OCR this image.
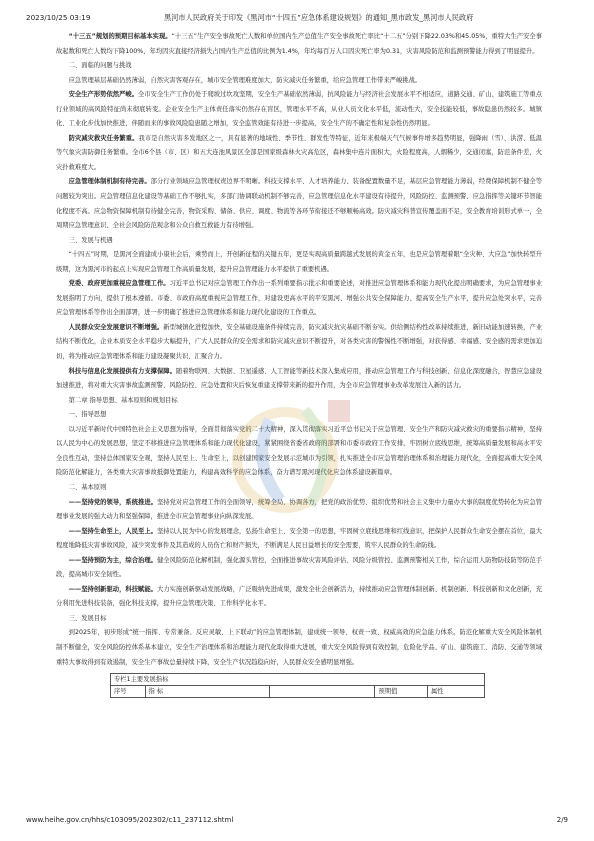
2023/10/25 03:19	黑河市人民政府关于印发《黑河市“十四五”应急体系建设规划》的通知_黑市政发_黑河市人民政府

“十三五”规划的预期目标基本实现。“十三五”生产安全事故死亡人数和单位国内生产总值生产安全事故死亡率比“十二五”分别下降22.03%和45.05%，重特大生产安全事故起数和死亡人数均下降100%，年均因灾直接经济损失占国内生产总值的比例为1.4%，年均每百万人口因灾死亡率为0.31，灾害风险防范和监测预警能力得到了明显提升。

二、面临的问题与挑战

应急管理基层基础仍然薄弱，自然灾害客观存在，城市安全管理难度加大，防灾减灾任务繁重，给应急管理工作带来严峻挑战。

安全生产形势依然严峻。全市安全生产工作仍处于爬坡过坎攻坚期，安全生产基础依然薄弱，抗风险能力与经济社会发展水平不相适应，道路交通、矿山、建筑施工等重点行业领域的高风险特征尚未彻底转变。企业安全生产主体责任落实仍然存在盲区，管理水平不高，从业人员文化水平低，流动性大，安全技能较低，事故隐患仍然较多。城镇化、工业化步伐加快推进，伴随而来的事故风险隐患随之增加，安全监管效能有待进一步提高，安全生产的不确定性和复杂性仍然明显。

防灾减灾救灾任务繁重。我市是自然灾害多发地区之一，具有显著的地域性、季节性、群发性等特征，近年来极端天气气候事件增多趋势明显，强降雨（雪）、洪涝、低温等气象灾害防御任务繁重。全市6个县（市、区）和五大连池风景区全部是国家级森林火灾高危区，森林集中连片面积大，火险程度高，人烟稀少，交通闭塞，防范条件差，火灾扑救难度大。

应急管理体制机制有待完善。部分行业领域应急管理权责边界不明晰。科技支撑水平、人才培养能力、装备配置数量不足，基层应急管理能力薄弱，经费保障机制不健全等问题较为突出。应急管理信息化建设等基础工作不够扎实，多部门协调联动机制不够完善，应急管理信息化水平建设有待提升，风险防控、监测预警、应急指挥等关键环节智能化程度不高。应急物资保障机制有待健全完善，物资采购、储备、供应、调度、物流等各环节衔接还不够顺畅高效。防灾减灾科普宣传覆盖面不足，安全教育培训形式单一，全周期应急管理意识、全社会风险防范观念和公众自救互救能力有待增强。

三、发展与机遇

“十四五”时期，是黑河全面建成小康社会后，乘势而上，开创新征程的关键五年，更是实现高质量跨越式发展的黄金五年，也是应急管理着眼“全灾种、大应急”加快转型升级期，这为黑河市的起点上实现应急管理工作高质量发展，提升应急管理能力水平提供了重要机遇。

党委、政府更加重视应急管理工作。习近平总书记对应急管理工作作出一系列重要指示批示和重要论述，对推进应急管理体系和能力现代化提出明确要求，为应急管理事业发展指明了方向，提供了根本遵循。市委、市政府高度重视应急管理工作，对建设更高水平的平安黑河、增强公共安全保障能力、提高安全生产水平，提升应急处突水平，完善应急管理体系等作出全面部署，进一步明确了推进应急管理体系和能力现代化建设的工作重点。

人民群众安全发展意识不断增强。新型城镇化进程加快，安全基础设施条件持续完善，防灾减灾抗灾基础不断夯实。供给侧结构性改革持续推进，新旧动能加速转换，产业结构不断优化，企业本质安全水平稳步大幅提升，广大人民群众的安全需求和防灾减灾意识不断提升，对各类灾害的警惕性不断增强，对获得感、幸福感、安全感的需求更加迫切，将为推动应急管理体系和能力建设凝聚共识、汇聚合力。

科技与信息化发展提供有力支撑保障。随着物联网、大数据、卫星遥感、人工智能等新技术深入集成应用，推动应急管理工作与科技创新、信息化深度融合，智慧应急建设加速推进，将对重大灾害事故监测预警、风险防控、应急处置和灾后恢复重建支撑带来新的提升作用，为全市应急管理事业改革发展注入新的活力。

第二章 指导思想、基本原则和规划目标

一、指导思想

以习近平新时代中国特色社会主义思想为指导，全面贯彻落实党的二十大精神，深入贯彻落实习近平总书记关于应急管理、安全生产和防灾减灾救灾的重要指示精神，坚持以人民为中心的发展思想，坚定不移推进应急管理体系和能力现代化建设，紧紧围绕省委省政府的部署和市委市政府工作安排，牢固树立底线思维，统筹高质量发展和高水平安全良性互动，坚持总体国家安全观，坚持人民至上、生命至上，以创建国家安全发展示范城市为引领，扎实推进全市应急管理治理体系和治理能力现代化，全面提高重大安全风险防范化解能力，各类重大灾害事故抵御处置能力，构建高效科学的应急体系，奋力谱写黑河现代化应急体系建设新篇章。

二、基本原则

——坚持党的领导，系统推进。坚持党对应急管理工作的全面领导，统筹全局、协调各方，把党的政治优势、组织优势和社会主义集中力量办大事的制度优势转化为应急管理事业发展的强大动力和坚强保障，推进全市应急管理事业向纵深发展。

——坚持生命至上，人民至上。坚持以人民为中心的发展理念，弘扬生命至上、安全第一的思想，牢固树立底线思维和红线意识，把保护人民群众生命安全摆在首位，最大程度地降低灾害事故风险，减少突发事件及其造成的人员伤亡和财产损失，不断满足人民日益增长的安全需要，筑牢人民群众的生命防线。

——坚持预防为主，综合治理。健全风险防范化解机制，强化源头管控，全面推进事故灾害风险评估、风险分级管控、监测预警相关工作，综合运用人防物防技防等防范手段，提高城市安全韧性。

——坚持创新驱动，科技赋能。大力实施创新驱动发展战略，广泛吸纳先进成果，激发全社会创新活力，持续推动应急管理体制创新、机制创新、科技创新和文化创新，充分利用先进科技装备，强化科技支撑，提升应急管理决策、工作科学化水平。

三、发展目标

到2025年，初步形成“统一指挥、专常兼备、反应灵敏、上下联动”的应急管理体制，建成统一领导、权责一致、权威高效的应急能力体系。防范化解重大安全风险体制机制不断健全，安全风险防控体系基本建立，安全生产治理体系和治理能力现代化取得重大进展，重大安全风险得到有效控制，危险化学品、矿山、建筑施工、消防、交通等领域重特大事故得到有效遏制，安全生产事故总量持续下降，安全生产状况趋稳向好，人民群众安全感明显增强。

专栏1主要发展指标
序号	指 标		预期值	属性
www.heihe.gov.cn/hhs/c103095/202302/c11_237112.shtml	2/9
